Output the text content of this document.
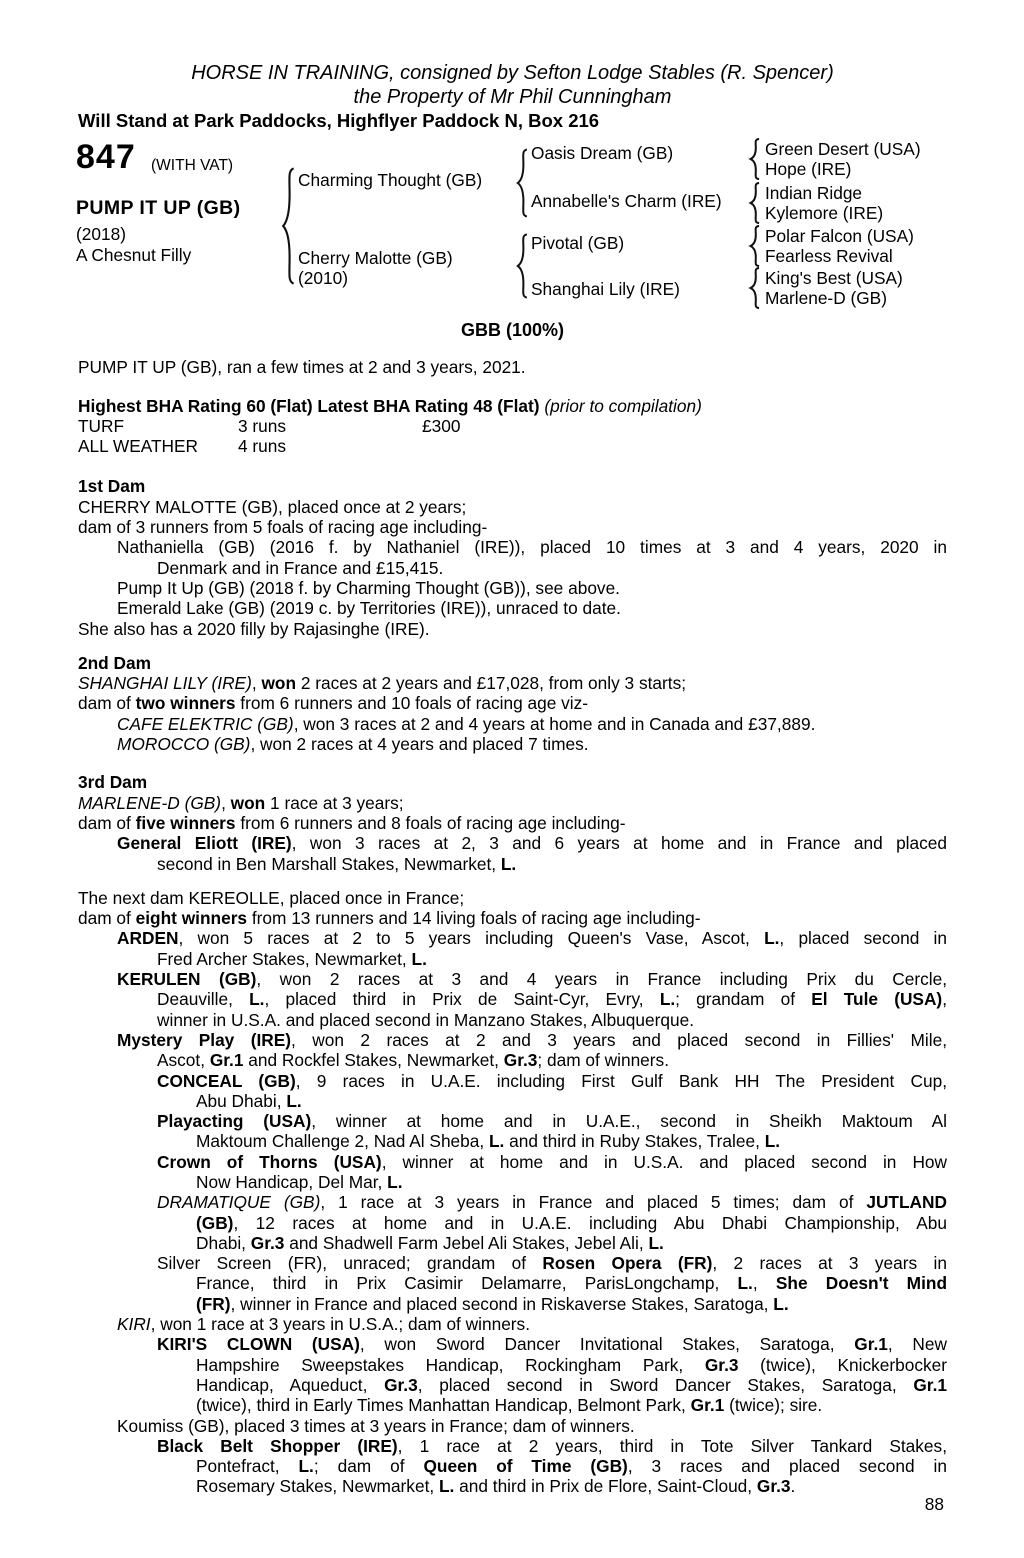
HORSE IN TRAINING, consigned by Sefton Lodge Stables (R. Spencer)
the Property of Mr Phil Cunningham
Will Stand at Park Paddocks, Highflyer Paddock N, Box 216
847 (WITH VAT)
PUMP IT UP (GB)
(2018)
A Chesnut Filly
Charming Thought (GB)
Cherry Malotte (GB)
(2010)
Oasis Dream (GB)
Annabelle's Charm (IRE)
Pivotal (GB)
Shanghai Lily (IRE)
Green Desert (USA)
Hope (IRE)
Indian Ridge
Kylemore (IRE)
Polar Falcon (USA)
Fearless Revival
King's Best (USA)
Marlene-D (GB)
GBB (100%)
PUMP IT UP (GB), ran a few times at 2 and 3 years, 2021.
Highest BHA Rating 60 (Flat) Latest BHA Rating 48 (Flat) (prior to compilation)
TURF	3 runs	£300
ALL WEATHER	4 runs
1st Dam
CHERRY MALOTTE (GB), placed once at 2 years;
dam of 3 runners from 5 foals of racing age including-
Nathaniella (GB) (2016 f. by Nathaniel (IRE)), placed 10 times at 3 and 4 years, 2020 in
Denmark and in France and £15,415.
Pump It Up (GB) (2018 f. by Charming Thought (GB)), see above.
Emerald Lake (GB) (2019 c. by Territories (IRE)), unraced to date.
She also has a 2020 filly by Rajasinghe (IRE).
2nd Dam
SHANGHAI LILY (IRE), won 2 races at 2 years and £17,028, from only 3 starts;
dam of two winners from 6 runners and 10 foals of racing age viz-
CAFE ELEKTRIC (GB), won 3 races at 2 and 4 years at home and in Canada and £37,889.
MOROCCO (GB), won 2 races at 4 years and placed 7 times.
3rd Dam
MARLENE-D (GB), won 1 race at 3 years;
dam of five winners from 6 runners and 8 foals of racing age including-
General Eliott (IRE), won 3 races at 2, 3 and 6 years at home and in France and placed
second in Ben Marshall Stakes, Newmarket, L.
The next dam KEREOLLE, placed once in France;
dam of eight winners from 13 runners and 14 living foals of racing age including-
ARDEN, won 5 races at 2 to 5 years including Queen's Vase, Ascot, L., placed second in
Fred Archer Stakes, Newmarket, L.
KERULEN (GB), won 2 races at 3 and 4 years in France including Prix du Cercle,
Deauville, L., placed third in Prix de Saint-Cyr, Evry, L.; grandam of El Tule (USA),
winner in U.S.A. and placed second in Manzano Stakes, Albuquerque.
Mystery Play (IRE), won 2 races at 2 and 3 years and placed second in Fillies' Mile,
Ascot, Gr.1 and Rockfel Stakes, Newmarket, Gr.3; dam of winners.
CONCEAL (GB), 9 races in U.A.E. including First Gulf Bank HH The President Cup,
Abu Dhabi, L.
Playacting (USA), winner at home and in U.A.E., second in Sheikh Maktoum Al
Maktoum Challenge 2, Nad Al Sheba, L. and third in Ruby Stakes, Tralee, L.
Crown of Thorns (USA), winner at home and in U.S.A. and placed second in How
Now Handicap, Del Mar, L.
DRAMATIQUE (GB), 1 race at 3 years in France and placed 5 times; dam of JUTLAND
(GB), 12 races at home and in U.A.E. including Abu Dhabi Championship, Abu
Dhabi, Gr.3 and Shadwell Farm Jebel Ali Stakes, Jebel Ali, L.
Silver Screen (FR), unraced; grandam of Rosen Opera (FR), 2 races at 3 years in
France, third in Prix Casimir Delamarre, ParisLongchamp, L., She Doesn't Mind
(FR), winner in France and placed second in Riskaverse Stakes, Saratoga, L.
KIRI, won 1 race at 3 years in U.S.A.; dam of winners.
KIRI'S CLOWN (USA), won Sword Dancer Invitational Stakes, Saratoga, Gr.1, New
Hampshire Sweepstakes Handicap, Rockingham Park, Gr.3 (twice), Knickerbocker
Handicap, Aqueduct, Gr.3, placed second in Sword Dancer Stakes, Saratoga, Gr.1
(twice), third in Early Times Manhattan Handicap, Belmont Park, Gr.1 (twice); sire.
Koumiss (GB), placed 3 times at 3 years in France; dam of winners.
Black Belt Shopper (IRE), 1 race at 2 years, third in Tote Silver Tankard Stakes,
Pontefract, L.; dam of Queen of Time (GB), 3 races and placed second in
Rosemary Stakes, Newmarket, L. and third in Prix de Flore, Saint-Cloud, Gr.3.
88
